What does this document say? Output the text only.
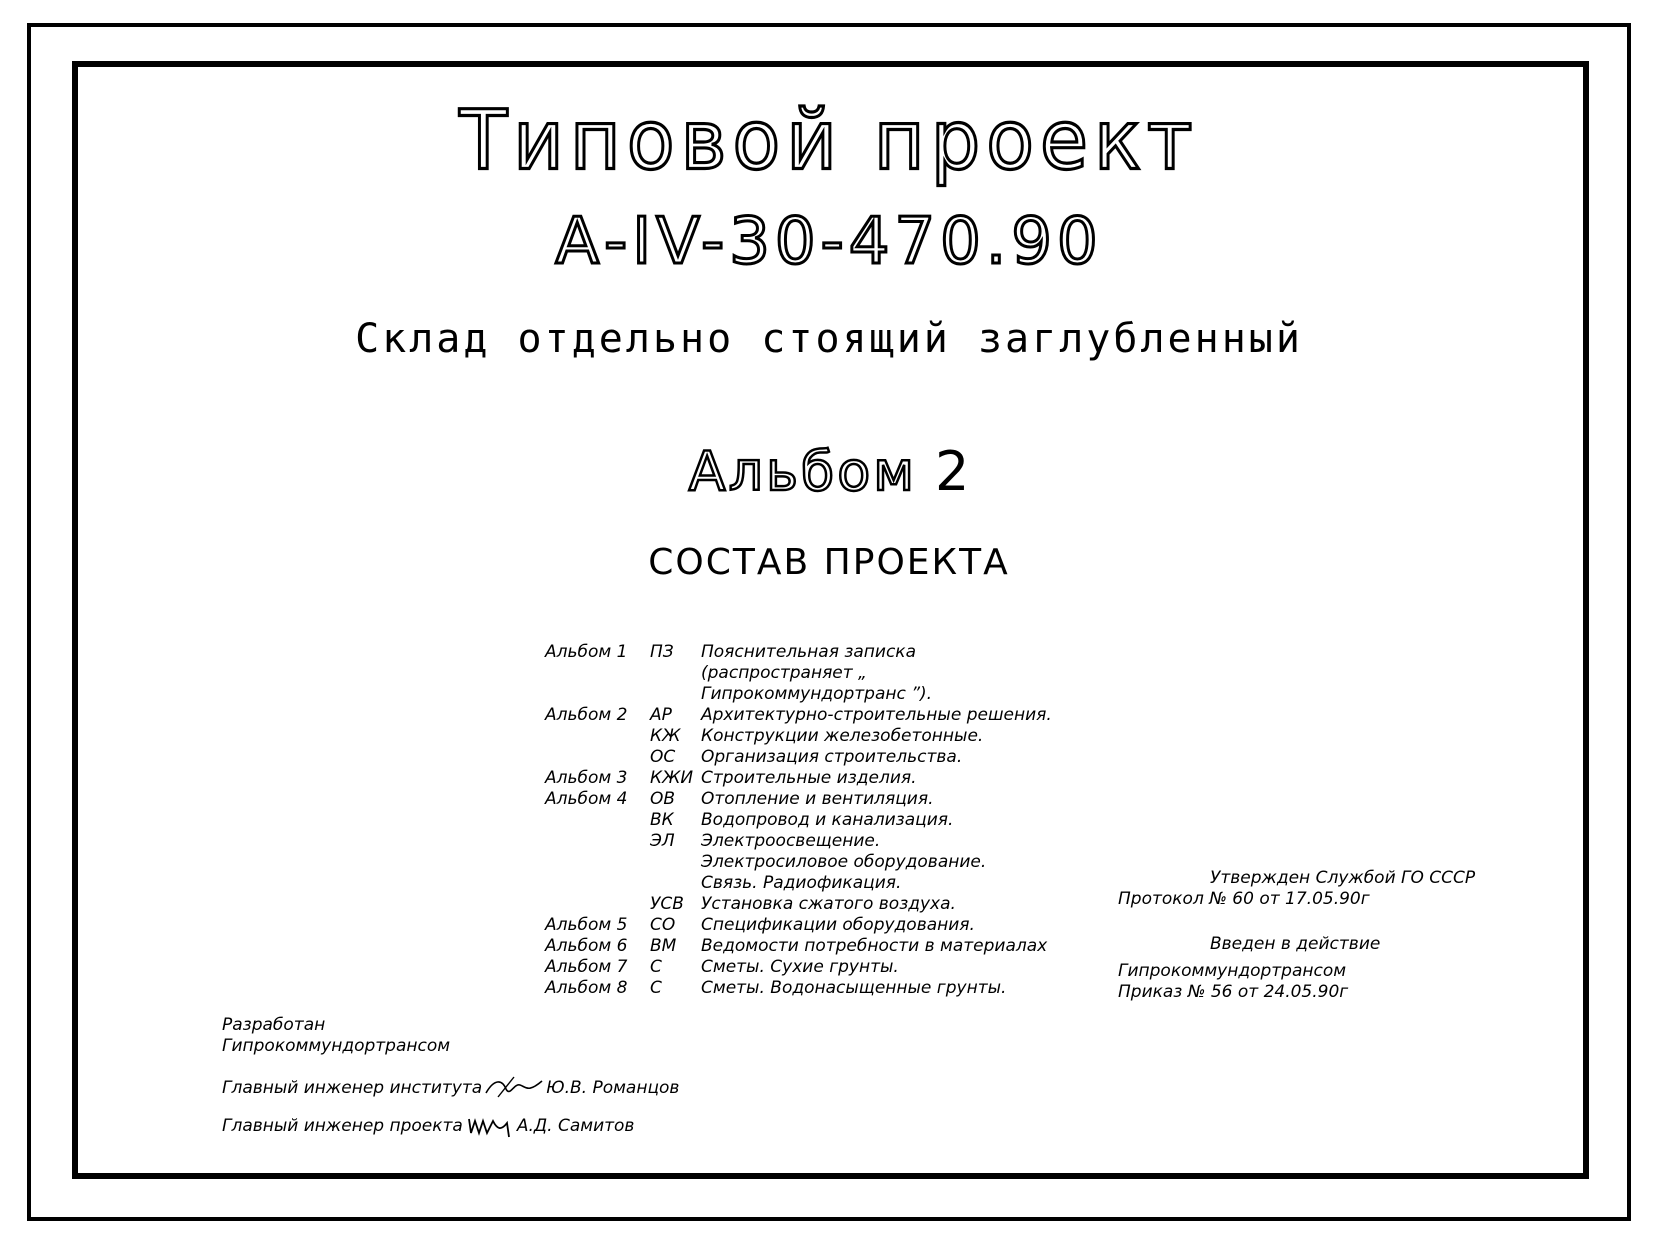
Типовой проект
А-IV-30-470.90
Склад отдельно стоящий заглубленный
Альбом 2
СОСТАВ ПРОЕКТА
Альбом 1	ПЗ	Пояснительная записка
(распространяет „ Гипрокоммундортранс ”).
Альбом 2	АР	Архитектурно-строительные решения.
КЖ	Конструкции железобетонные.
ОС	Организация строительства.
Альбом 3	КЖИ Строительные изделия.
Альбом 4	ОВ	Отопление и вентиляция.
ВК	Водопровод и канализация.
ЭЛ	Электроосвещение.
Электросиловое оборудование.
Связь. Радиофикация.
УСВ	Установка сжатого воздуха.
Альбом 5	СО	Спецификации оборудования.
Альбом 6	ВМ	Ведомости потребности в материалах
Альбом 7	С	Сметы. Сухие грунты.
Альбом 8	С	Сметы. Водонасыщенные грунты.
Утвержден Службой ГО СССР
Протокол № 60 от 17.05.90г
Введен в действие
Гипрокоммундортрансом
Приказ № 56 от 24.05.90г
Разработан
Гипрокоммундортрансом
Главный инженер института	Ю.В. Романцов
Главный инженер проекта	А.Д. Самитов
